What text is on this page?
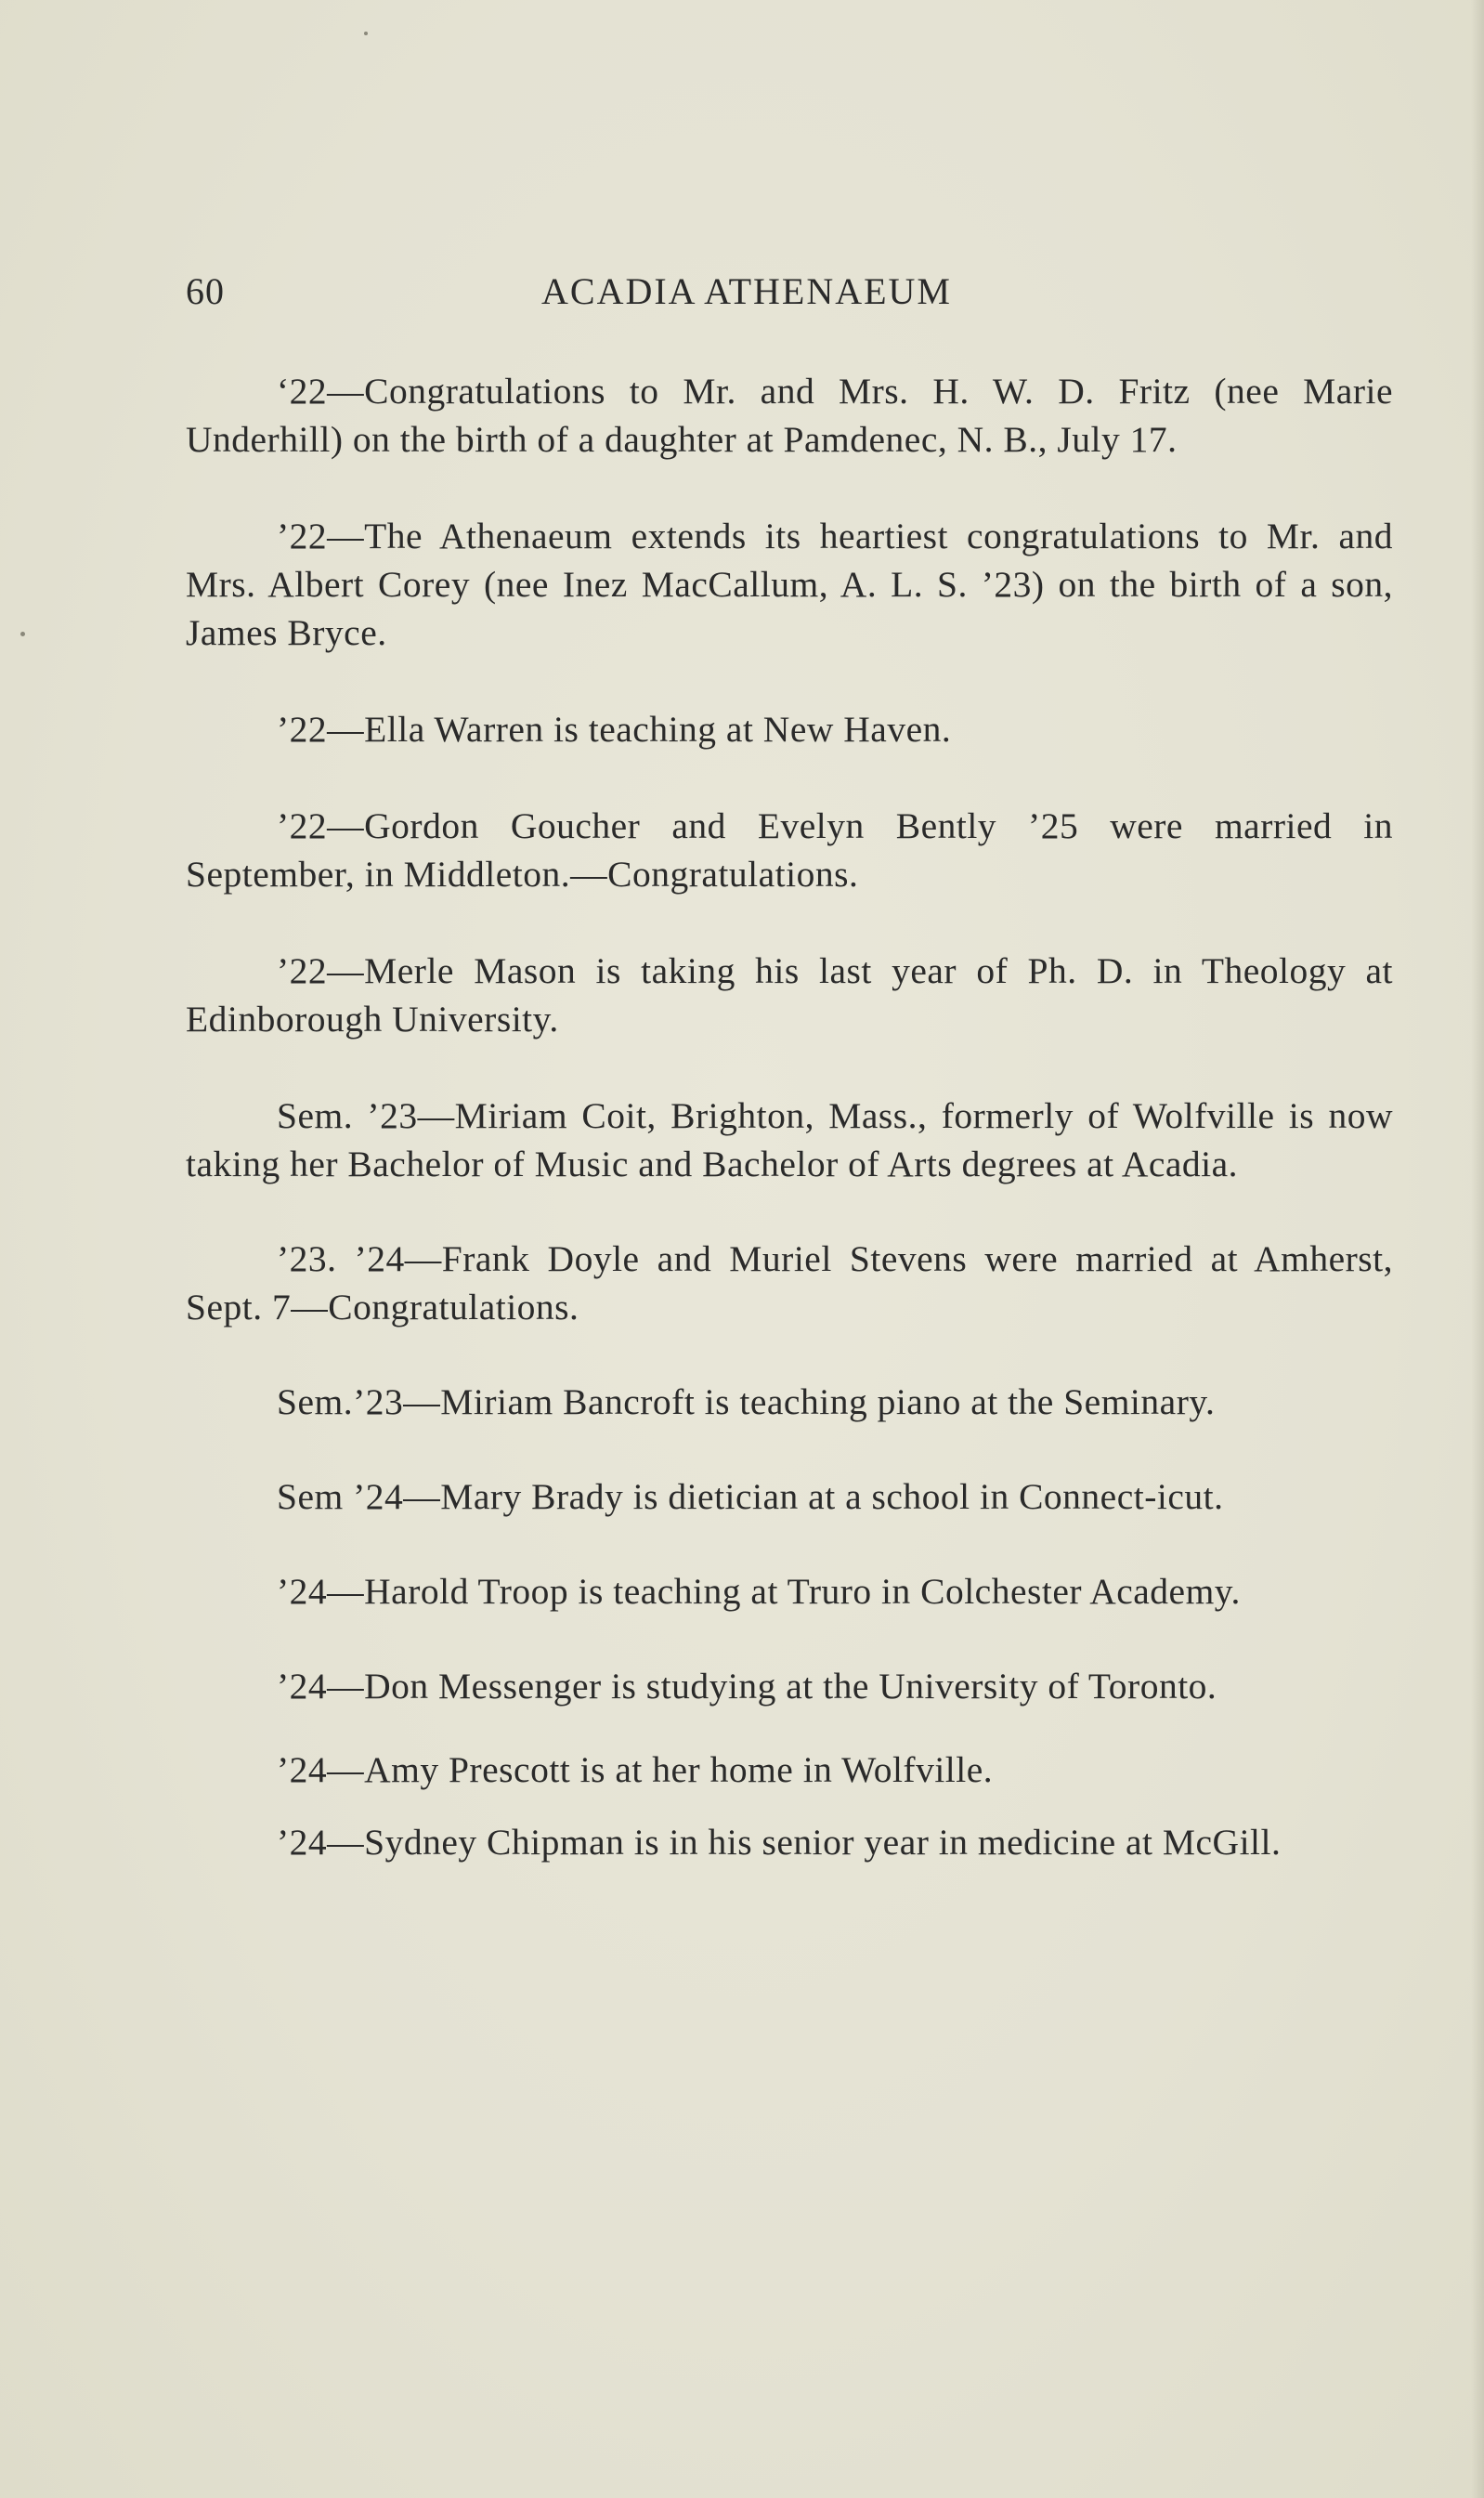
60	ACADIA ATHENAEUM

‘22—Congratulations to Mr. and Mrs. H. W. D. Fritz (nee Marie Underhill) on the birth of a daughter at Pamdenec, N. B., July 17.

’22—The Athenaeum extends its heartiest congratulations to Mr. and Mrs. Albert Corey (nee Inez MacCallum, A. L. S. ’23) on the birth of a son, James Bryce.

’22—Ella Warren is teaching at New Haven.

’22—Gordon Goucher and Evelyn Bently ’25 were married in September, in Middleton.—Congratulations.

’22—Merle Mason is taking his last year of Ph. D. in Theology at Edinborough University.

Sem. ’23—Miriam Coit, Brighton, Mass., formerly of Wolfville is now taking her Bachelor of Music and Bachelor of Arts degrees at Acadia.

’23. ’24—Frank Doyle and Muriel Stevens were married at Amherst, Sept. 7—Congratulations.

Sem.’23—Miriam Bancroft is teaching piano at the Seminary.

Sem ’24—Mary Brady is dietician at a school in Connect-icut.

’24—Harold Troop is teaching at Truro in Colchester Academy.

’24—Don Messenger is studying at the University of Toronto.

’24—Amy Prescott is at her home in Wolfville.

’24—Sydney Chipman is in his senior year in medicine at McGill.
